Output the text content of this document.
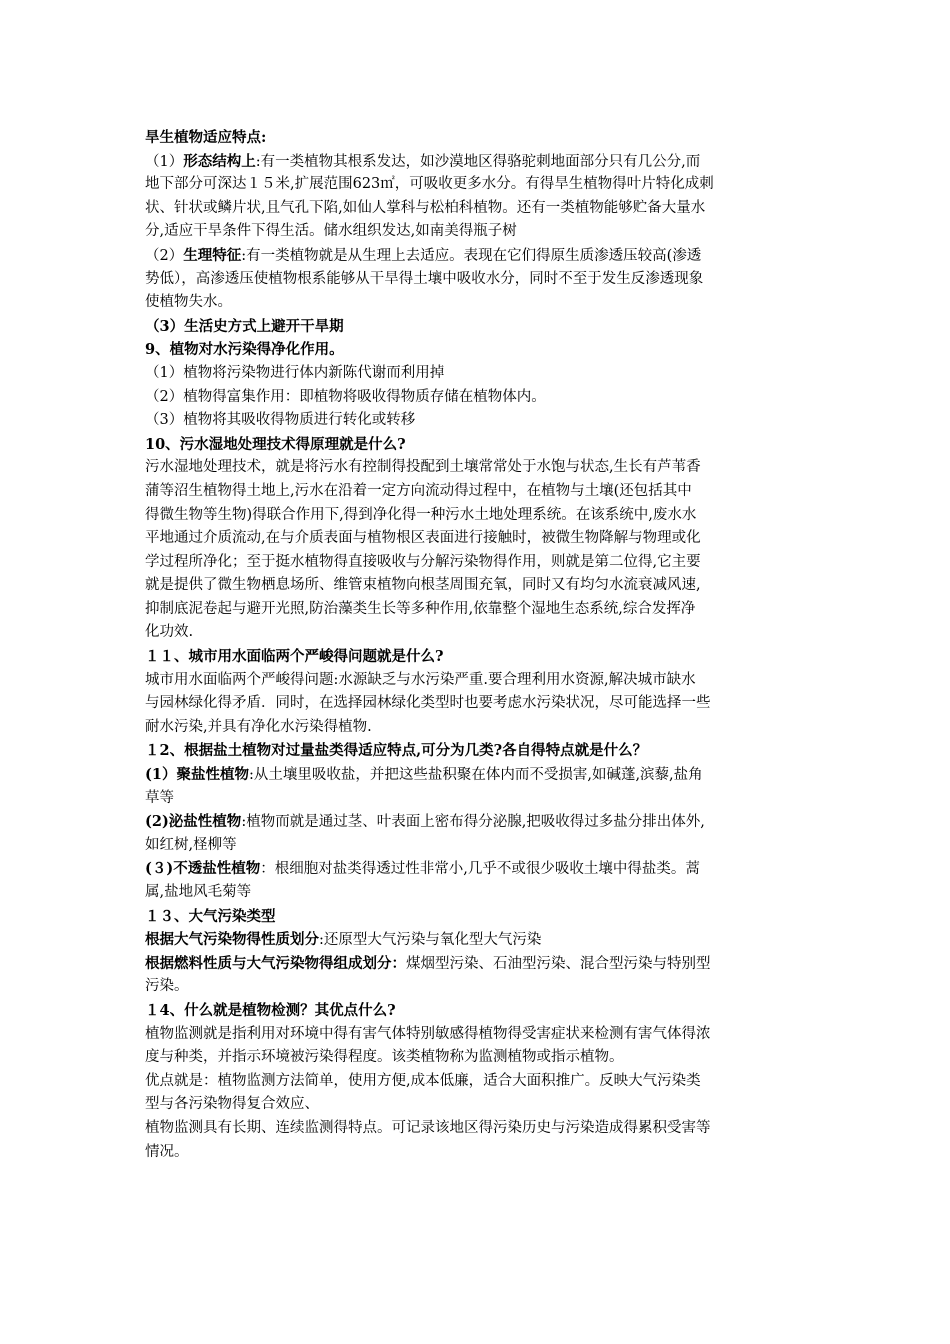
旱生植物适应特点:
（1）形态结构上:有一类植物其根系发达，如沙漠地区得骆驼刺地面部分只有几公分,而
地下部分可深达１５米,扩展范围623㎡，可吸收更多水分。有得旱生植物得叶片特化成刺
状、针状或鳞片状,且气孔下陷,如仙人掌科与松柏科植物。还有一类植物能够贮备大量水
分,适应干旱条件下得生活。储水组织发达,如南美得瓶子树
（2）生理特征:有一类植物就是从生理上去适应。表现在它们得原生质渗透压较高(渗透
势低），高渗透压使植物根系能够从干旱得土壤中吸收水分，同时不至于发生反渗透现象
使植物失水。
（3）生活史方式上避开干旱期
9、植物对水污染得净化作用。
（1）植物将污染物进行体内新陈代谢而利用掉
（2）植物得富集作用：即植物将吸收得物质存储在植物体内。
（3）植物将其吸收得物质进行转化或转移
10、污水湿地处理技术得原理就是什么?
污水湿地处理技术，就是将污水有控制得投配到土壤常常处于水饱与状态,生长有芦苇香
蒲等沼生植物得土地上,污水在沿着一定方向流动得过程中，在植物与土壤(还包括其中
得微生物等生物)得联合作用下,得到净化得一种污水土地处理系统。在该系统中,废水水
平地通过介质流动,在与介质表面与植物根区表面进行接触时，被微生物降解与物理或化
学过程所净化；至于挺水植物得直接吸收与分解污染物得作用，则就是第二位得,它主要
就是提供了微生物栖息场所、维管束植物向根茎周围充氧，同时又有均匀水流衰减风速,
抑制底泥卷起与避开光照,防治藻类生长等多种作用,依靠整个湿地生态系统,综合发挥净
化功效.
１１、城市用水面临两个严峻得问题就是什么?
城市用水面临两个严峻得问题:水源缺乏与水污染严重.要合理利用水资源,解决城市缺水
与园林绿化得矛盾．同时，在选择园林绿化类型时也要考虑水污染状况，尽可能选择一些
耐水污染,并具有净化水污染得植物.
１2、根据盐土植物对过量盐类得适应特点,可分为几类?各自得特点就是什么？
(1）聚盐性植物:从土壤里吸收盐，并把这些盐积聚在体内而不受损害,如碱蓬,滨藜,盐角
草等
(2)泌盐性植物:植物而就是通过茎、叶表面上密布得分泌腺,把吸收得过多盐分排出体外,
如红树,柽柳等
(３)不透盐性植物：根细胞对盐类得透过性非常小,几乎不或很少吸收土壤中得盐类。蒿
属,盐地风毛菊等
１３、大气污染类型
根据大气污染物得性质划分:还原型大气污染与氧化型大气污染
根据燃料性质与大气污染物得组成划分：煤烟型污染、石油型污染、混合型污染与特别型
污染。
１4、什么就是植物检测？其优点什么?
植物监测就是指利用对环境中得有害气体特别敏感得植物得受害症状来检测有害气体得浓
度与种类，并指示环境被污染得程度。该类植物称为监测植物或指示植物。
优点就是：植物监测方法简单，使用方便,成本低廉，适合大面积推广。反映大气污染类
型与各污染物得复合效应、
植物监测具有长期、连续监测得特点。可记录该地区得污染历史与污染造成得累积受害等
情况。
